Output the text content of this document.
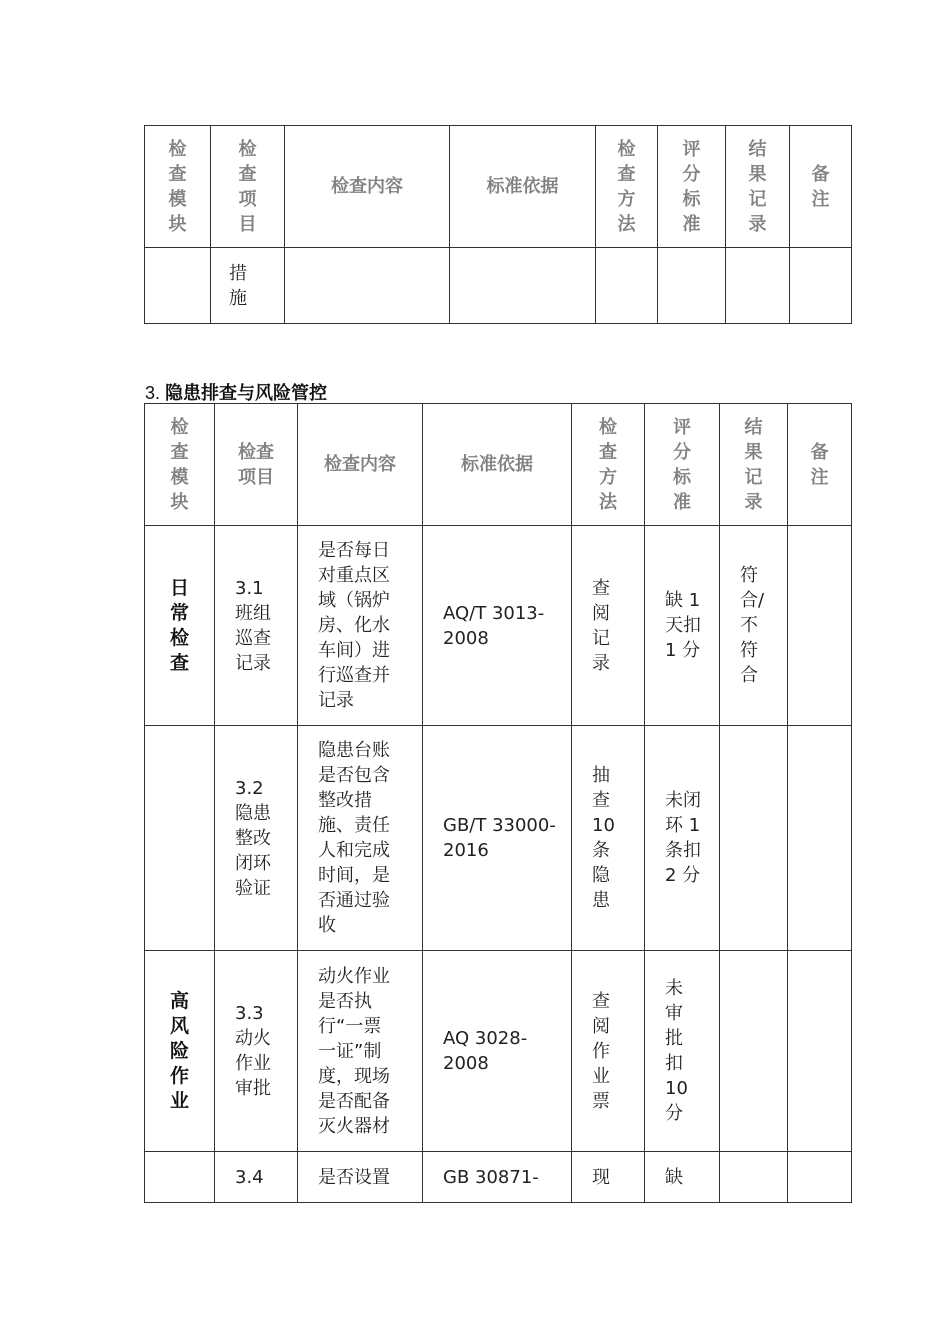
检查模块	检查项目	检查内容	标准依据	检查方法	评分标准	结果记录	备注

	措施						

3. 隐患排查与风险管控
检查模块	检查项目	检查内容	标准依据	检查方法	评分标准	结果记录	备注

日常检查	3.1 班组巡查记录	是否每日对重点区域（锅炉房、化水车间）进行巡查并记录	AQ/T 3013-2008	查阅记录	缺 1 天扣 1 分	符合/不符合	

	3.2 隐患整改闭环验证	隐患台账是否包含整改措施、责任人和完成时间，是否通过验收	GB/T 33000-2016	抽查 10 条隐患	未闭环 1 条扣 2 分		

高风险作业	3.3 动火作业审批	动火作业是否执行“一票一证”制度，现场是否配备灭火器材	AQ 3028-2008	查阅作业票	未审批扣 10 分		

	3.4	是否设置	GB 30871-	现	缺		
